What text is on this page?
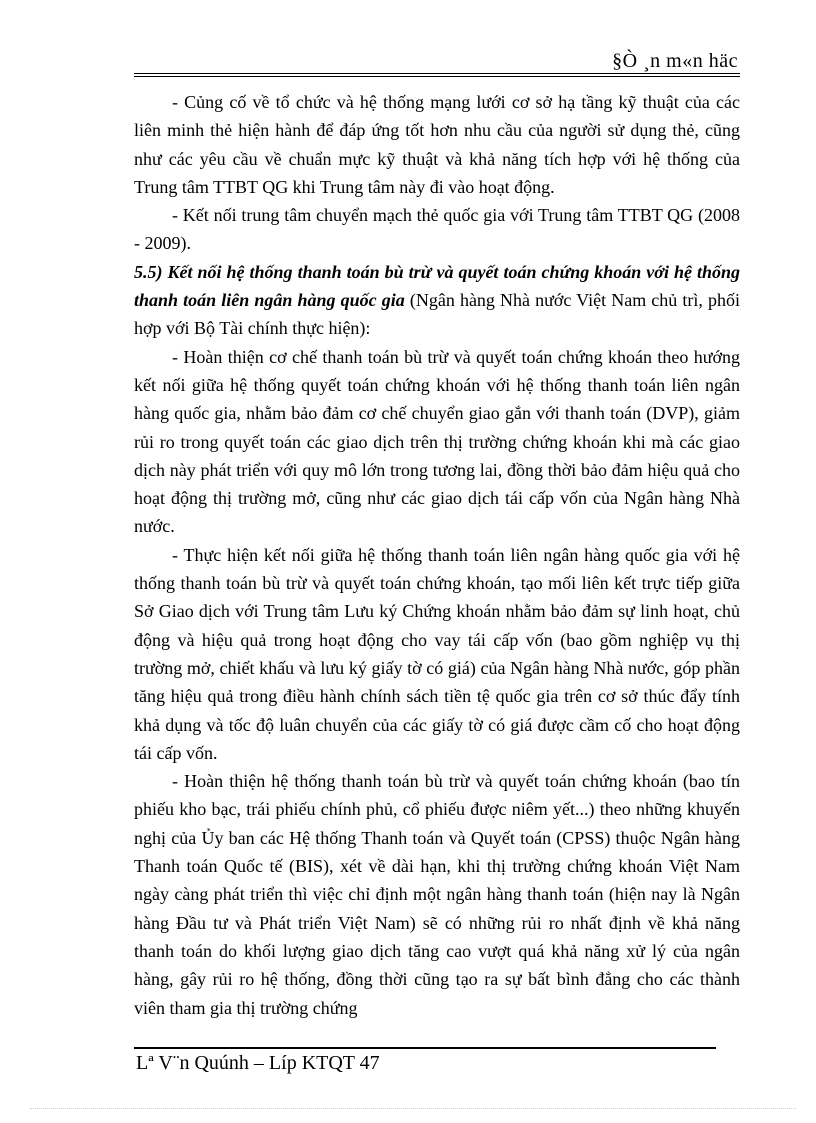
§Ò ¸n m«n häc

- Củng cố về tổ chức và hệ thống mạng lưới cơ sở hạ tầng kỹ thuật của các liên minh thẻ hiện hành để đáp ứng tốt hơn nhu cầu của người sử dụng thẻ, cũng như các yêu cầu về chuẩn mực kỹ thuật và khả năng tích hợp với hệ thống của Trung tâm TTBT QG khi Trung tâm này đi vào hoạt động.

- Kết nối trung tâm chuyển mạch thẻ quốc gia với Trung tâm TTBT QG (2008 - 2009).

5.5) Kết nối hệ thống thanh toán bù trừ và quyết toán chứng khoán với hệ thống thanh toán liên ngân hàng quốc gia (Ngân hàng Nhà nước Việt Nam chủ trì, phối hợp với Bộ Tài chính thực hiện):

- Hoàn thiện cơ chế thanh toán bù trừ và quyết toán chứng khoán theo hướng kết nối giữa hệ thống quyết toán chứng khoán với hệ thống thanh toán liên ngân hàng quốc gia, nhằm bảo đảm cơ chế chuyển giao gắn với thanh toán (DVP), giảm rủi ro trong quyết toán các giao dịch trên thị trường chứng khoán khi mà các giao dịch này phát triển với quy mô lớn trong tương lai, đồng thời bảo đảm hiệu quả cho hoạt động thị trường mở, cũng như các giao dịch tái cấp vốn của Ngân hàng Nhà nước.

- Thực hiện kết nối giữa hệ thống thanh toán liên ngân hàng quốc gia với hệ thống thanh toán bù trừ và quyết toán chứng khoán, tạo mối liên kết trực tiếp giữa Sở Giao dịch với Trung tâm Lưu ký Chứng khoán nhằm bảo đảm sự linh hoạt, chủ động và hiệu quả trong hoạt động cho vay tái cấp vốn (bao gồm nghiệp vụ thị trường mở, chiết khấu và lưu ký giấy tờ có giá) của Ngân hàng Nhà nước, góp phần tăng hiệu quả trong điều hành chính sách tiền tệ quốc gia trên cơ sở thúc đẩy tính khả dụng và tốc độ luân chuyển của các giấy tờ có giá được cầm cố cho hoạt động tái cấp vốn.

- Hoàn thiện hệ thống thanh toán bù trừ và quyết toán chứng khoán (bao tín phiếu kho bạc, trái phiếu chính phủ, cổ phiếu được niêm yết...) theo những khuyến nghị của Ủy ban các Hệ thống Thanh toán và Quyết toán (CPSS) thuộc Ngân hàng Thanh toán Quốc tế (BIS), xét về dài hạn, khi thị trường chứng khoán Việt Nam ngày càng phát triển thì việc chỉ định một ngân hàng thanh toán (hiện nay là Ngân hàng Đầu tư và Phát triển Việt Nam) sẽ có những rủi ro nhất định về khả năng thanh toán do khối lượng giao dịch tăng cao vượt quá khả năng xử lý của ngân hàng, gây rủi ro hệ thống, đồng thời cũng tạo ra sự bất bình đẳng cho các thành viên tham gia thị trường chứng

Lª V¨n Quúnh – Líp KTQT 47
